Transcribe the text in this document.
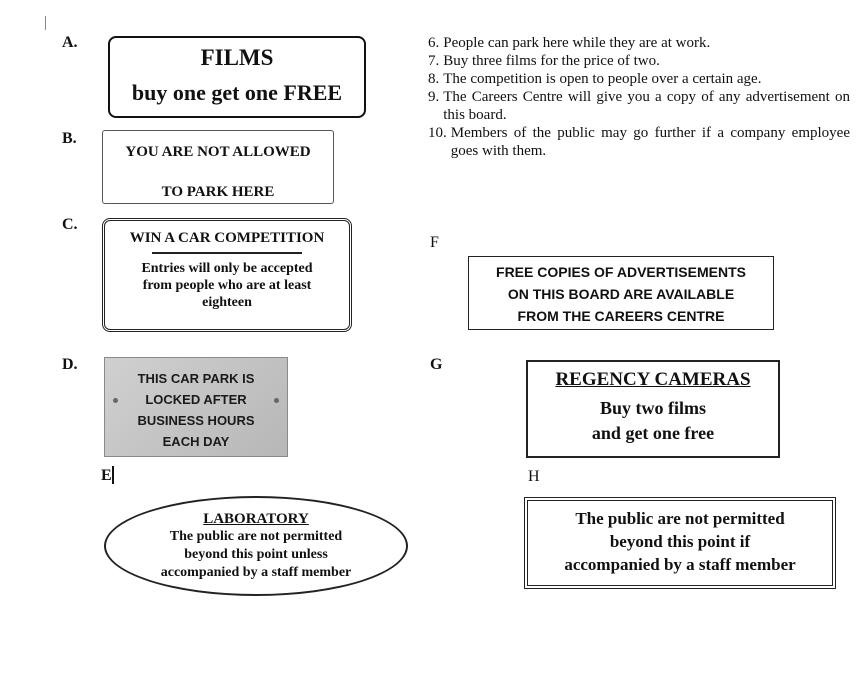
A.
B.
C.
D.
E
FILMS
buy one get one FREE
YOU ARE NOT ALLOWED
TO PARK HERE
WIN A CAR COMPETITION
Entries will only be accepted
from people who are at least
eighteen
THIS CAR PARK IS
LOCKED AFTER
BUSINESS HOURS
EACH DAY
LABORATORY
The public are not permitted
beyond this point unless
accompanied by a staff member
6. People can park here while they are at work.
7. Buy three films for the price of two.
8. The competition is open to people over a certain age.
9. The Careers Centre will give you a copy of any advertisement on this board.
10. Members of the public may go further if a company employee goes with them.
F
G
H
FREE COPIES OF ADVERTISEMENTS
ON THIS BOARD ARE AVAILABLE
FROM THE CAREERS CENTRE
REGENCY CAMERAS
Buy two films
and get one free
The public are not permitted
beyond this point if
accompanied by a staff member
